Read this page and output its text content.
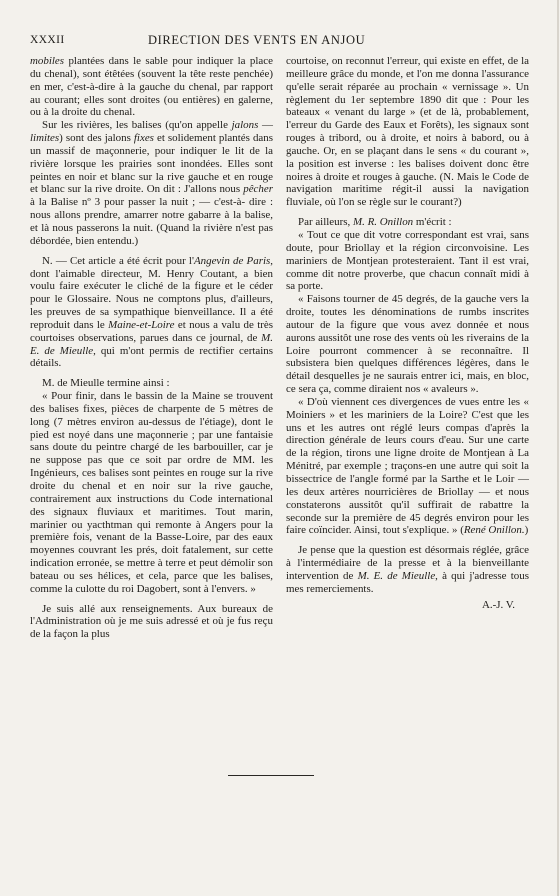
XXXII	DIRECTION DES VENTS EN ANJOU

mobiles plantées dans le sable pour indiquer la place du chenal), sont étêtées (souvent la tête reste penchée) en mer, c'est-à-dire à la gauche du chenal, par rapport au courant; elles sont droites (ou entières) en galerne, ou à la droite du chenal.

Sur les rivières, les balises (qu'on appelle jalons — limites) sont des jalons fixes et solidement plantés dans un massif de maçonnerie, pour indiquer le lit de la rivière lorsque les prairies sont inondées. Elles sont peintes en noir et blanc sur la rive gauche et en rouge et blanc sur la rive droite. On dit : J'allons nous pêcher à la Balise nº 3 pour passer la nuit ; — c'est-à- dire : nous allons prendre, amarrer notre gabarre à la balise, et là nous passerons la nuit. (Quand la rivière n'est pas débordée, bien entendu.)

N. — Cet article a été écrit pour l'Angevin de Paris, dont l'aimable directeur, M. Henry Coutant, a bien voulu faire exécuter le cliché de la figure et le céder pour le Glossaire. Nous ne comptons plus, d'ailleurs, les preuves de sa sympathique bienveillance. Il a été reproduit dans le Maine-et-Loire et nous a valu de très courtoises observations, parues dans ce journal, de M. E. de Mieulle, qui m'ont permis de rectifier certains détails.

M. de Mieulle termine ainsi :

« Pour finir, dans le bassin de la Maine se trouvent des balises fixes, pièces de charpente de 5 mètres de long (7 mètres environ au-dessus de l'étiage), dont le pied est noyé dans une maçonnerie ; par une fantaisie sans doute du peintre chargé de les barbouiller, car je ne suppose pas que ce soit par ordre de MM. les Ingénieurs, ces balises sont peintes en rouge sur la rive droite du chenal et en noir sur la rive gauche, contrairement aux instructions du Code international des signaux fluviaux et maritimes. Tout marin, marinier ou yacthtman qui remonte à Angers pour la première fois, venant de la Basse-Loire, par des eaux moyennes couvrant les prés, doit fatalement, sur cette indication erronée, se mettre à terre et peut démolir son bateau ou ses hélices, et cela, parce que les balises, comme la culotte du roi Dagobert, sont à l'envers. »

Je suis allé aux renseignements. Aux bureaux de l'Administration où je me suis adressé et où je fus reçu de la façon la plus

courtoise, on reconnut l'erreur, qui existe en effet, de la meilleure grâce du monde, et l'on me donna l'assurance qu'elle serait réparée au prochain « vernissage ». Un règlement du 1er septembre 1890 dit que : Pour les bateaux « venant du large » (et de là, probablement, l'erreur du Garde des Eaux et Forêts), les signaux sont rouges à tribord, ou à droite, et noirs à babord, ou à gauche. Or, en se plaçant dans le sens « du courant », la position est inverse : les balises doivent donc être noires à droite et rouges à gauche. (N. Mais le Code de navigation maritime régit-il aussi la navigation fluviale, où l'on se règle sur le courant?)

Par ailleurs, M. R. Onillon m'écrit :

« Tout ce que dit votre correspondant est vrai, sans doute, pour Briollay et la région circonvoisine. Les mariniers de Montjean protesteraient. Tant il est vrai, comme dit notre proverbe, que chacun connaît midi à sa porte.

« Faisons tourner de 45 degrés, de la gauche vers la droite, toutes les dénominations de rumbs inscrites autour de la figure que vous avez donnée et nous aurons aussitôt une rose des vents où les riverains de la Loire pourront commencer à se reconnaître. Il subsistera bien quelques différences légères, dans le détail desquelles je ne saurais entrer ici, mais, en bloc, ce sera ça, comme diraient nos « avaleurs ».

« D'où viennent ces divergences de vues entre les « Moiniers » et les mariniers de la Loire? C'est que les uns et les autres ont réglé leurs compas d'après la direction générale de leurs cours d'eau. Sur une carte de la région, tirons une ligne droite de Montjean à La Ménitré, par exemple ; traçons-en une autre qui soit la bissectrice de l'angle formé par la Sarthe et le Loir — les deux artères nourricières de Briollay — et nous constaterons aussitôt qu'il suffirait de rabattre la seconde sur la première de 45 degrés environ pour les faire coïncider. Ainsi, tout s'explique. » (René Onillon.)

Je pense que la question est désormais réglée, grâce à l'intermédiaire de la presse et à la bienveillante intervention de M. E. de Mieulle, à qui j'adresse tous mes remerciements.

A.-J. V.
